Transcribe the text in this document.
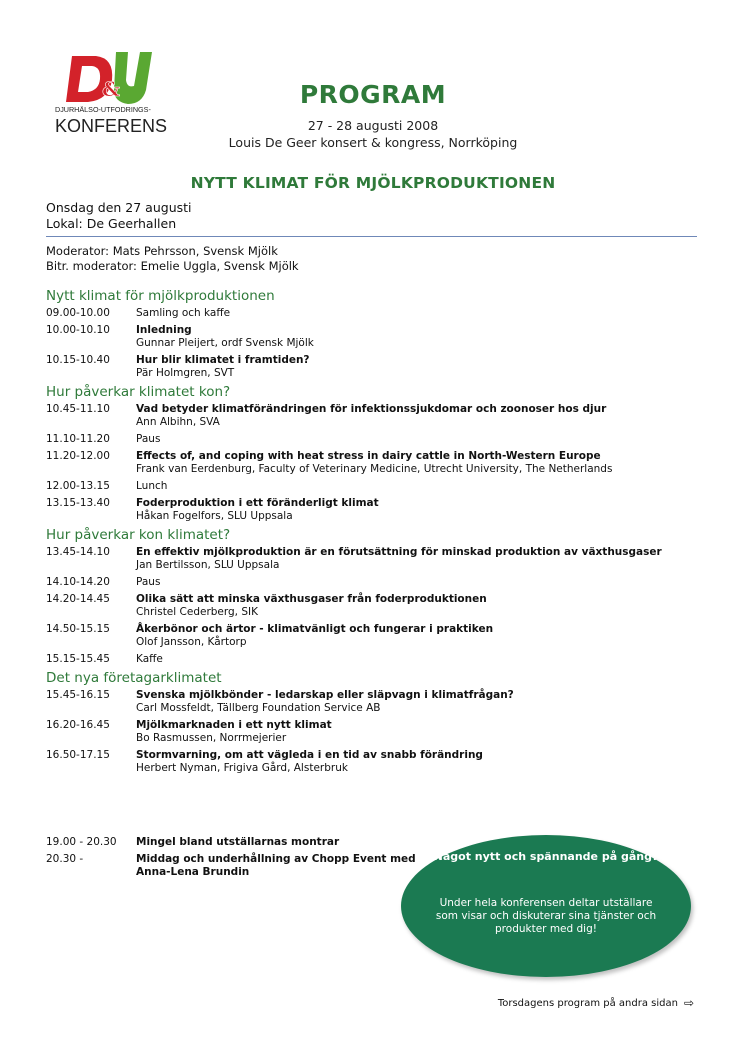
&
DJURHÄLSO-UTFODRINGS-
KONFERENS
PROGRAM
27 - 28 augusti 2008
Louis De Geer konsert & kongress, Norrköping
NYTT KLIMAT FÖR MJÖLKPRODUKTIONEN
Onsdag den 27 augusti
Lokal: De Geerhallen
Moderator: Mats Pehrsson, Svensk Mjölk
Bitr. moderator: Emelie Uggla, Svensk Mjölk
Nytt klimat för mjölkproduktionen
09.00-10.00	Samling och kaffe
10.00-10.10	Inledning
Gunnar Pleijert, ordf Svensk Mjölk
10.15-10.40	Hur blir klimatet i framtiden?
Pär Holmgren, SVT
Hur påverkar klimatet kon?
10.45-11.10	Vad betyder klimatförändringen för infektionssjukdomar och zoonoser hos djur
Ann Albihn, SVA
11.10-11.20	Paus
11.20-12.00	Effects of, and coping with heat stress in dairy cattle in North-Western Europe
Frank van Eerdenburg, Faculty of Veterinary Medicine, Utrecht University, The Netherlands
12.00-13.15	Lunch
13.15-13.40	Foderproduktion i ett föränderligt klimat
Håkan Fogelfors, SLU Uppsala
Hur påverkar kon klimatet?
13.45-14.10	En effektiv mjölkproduktion är en förutsättning för minskad produktion av växthusgaser
Jan Bertilsson, SLU Uppsala
14.10-14.20	Paus
14.20-14.45	Olika sätt att minska växthusgaser från foderproduktionen
Christel Cederberg, SIK
14.50-15.15	Åkerbönor och ärtor - klimatvänligt och fungerar i praktiken
Olof Jansson, Kårtorp
15.15-15.45	Kaffe
Det nya företagarklimatet
15.45-16.15	Svenska mjölkbönder - ledarskap eller släpvagn i klimatfrågan?
Carl Mossfeldt, Tällberg Foundation Service AB
16.20-16.45	Mjölkmarknaden i ett nytt klimat
Bo Rasmussen, Norrmejerier
16.50-17.15	Stormvarning, om att vägleda i en tid av snabb förändring
Herbert Nyman, Frigiva Gård, Alsterbruk
19.00 - 20.30	Mingel bland utställarnas montrar
20.30 -	Middag och underhållning av Chopp Event med Anna-Lena Brundin
Något nytt och spännande på gång?
Under hela konferensen deltar utställare som visar och diskuterar sina tjänster och produkter med dig!
Torsdagens program på andra sidan ⇨
